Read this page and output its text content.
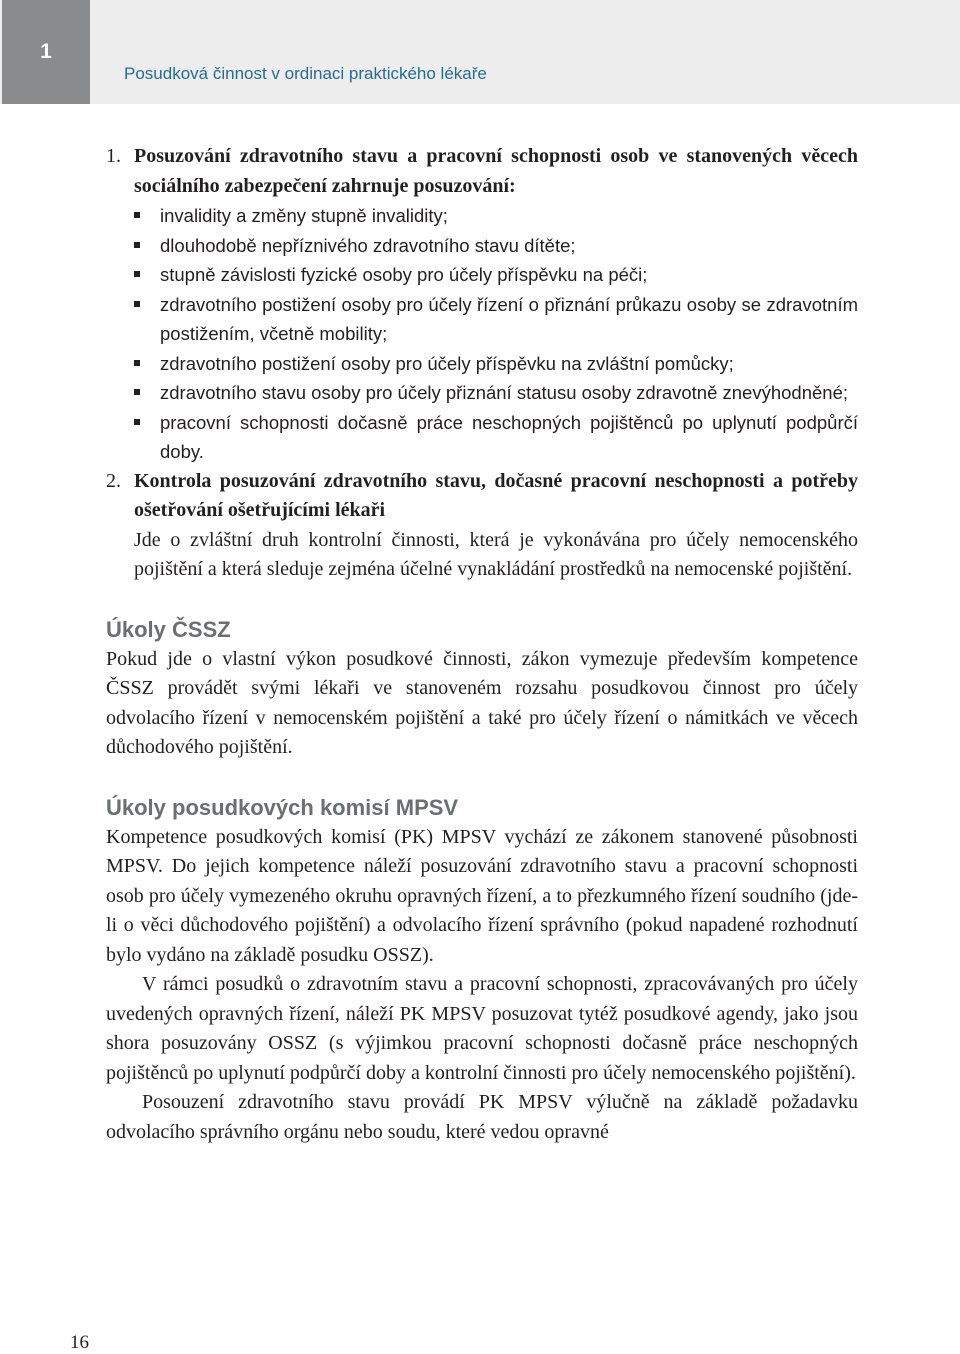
1
Posudková činnost v ordinaci praktického lékaře
1. Posuzování zdravotního stavu a pracovní schopnosti osob ve stanovených věcech sociálního zabezpečení zahrnuje posuzování:
invalidity a změny stupně invalidity;
dlouhodobě nepříznivého zdravotního stavu dítěte;
stupně závislosti fyzické osoby pro účely příspěvku na péči;
zdravotního postižení osoby pro účely řízení o přiznání průkazu osoby se zdravotním postižením, včetně mobility;
zdravotního postižení osoby pro účely příspěvku na zvláštní pomůcky;
zdravotního stavu osoby pro účely přiznání statusu osoby zdravotně znevýhodněné;
pracovní schopnosti dočasně práce neschopných pojištěnců po uplynutí podpůrčí doby.
2. Kontrola posuzování zdravotního stavu, dočasné pracovní neschopnosti a potřeby ošetřování ošetřujícími lékaři
Jde o zvláštní druh kontrolní činnosti, která je vykonávána pro účely nemocenského pojištění a která sleduje zejména účelné vynakládání prostředků na nemocenské pojištění.
Úkoly ČSSZ

Pokud jde o vlastní výkon posudkové činnosti, zákon vymezuje především kompetence ČSSZ provádět svými lékaři ve stanoveném rozsahu posudkovou činnost pro účely odvolacího řízení v nemocenském pojištění a také pro účely řízení o námitkách ve věcech důchodového pojištění.

Úkoly posudkových komisí MPSV

Kompetence posudkových komisí (PK) MPSV vychází ze zákonem stanovené působnosti MPSV. Do jejich kompetence náleží posuzování zdravotního stavu a pracovní schopnosti osob pro účely vymezeného okruhu opravných řízení, a to přezkumného řízení soudního (jde-li o věci důchodového pojištění) a odvolacího řízení správního (pokud napadené rozhodnutí bylo vydáno na základě posudku OSSZ).

V rámci posudků o zdravotním stavu a pracovní schopnosti, zpracovávaných pro účely uvedených opravných řízení, náleží PK MPSV posuzovat tytéž posudkové agendy, jako jsou shora posuzovány OSSZ (s výjimkou pracovní schopnosti dočasně práce neschopných pojištěnců po uplynutí podpůrčí doby a kontrolní činnosti pro účely nemocenského pojištění).

Posouzení zdravotního stavu provádí PK MPSV výlučně na základě požadavku odvolacího správního orgánu nebo soudu, které vedou opravné

16
